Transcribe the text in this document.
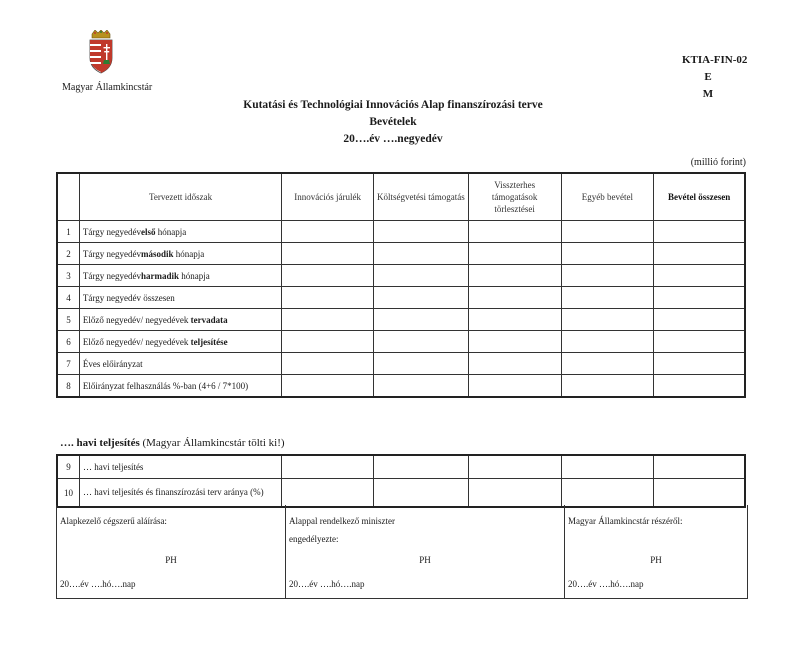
Magyar Államkincstár
KTIA-FIN-02
E
M
Kutatási és Technológiai Innovációs Alap finanszírozási terve
Bevételek
20….év ….negyedév
(millió forint)
	Tervezett időszak	Innovációs járulék	Költségvetési támogatás	Visszterhes támogatások törlesztései	Egyéb bevétel	Bevétel összesen
1	Tárgy negyedévelső hónapja					
2	Tárgy negyedévmásodik hónapja					
3	Tárgy negyedévharmadik hónapja					
4	Tárgy negyedév összesen					
5	Előző negyedév/ negyedévek tervadata					
6	Előző negyedév/ negyedévek teljesítése					
7	Éves előirányzat					
8	Előirányzat felhasználás %-ban (4+6 / 7*100)					
…. havi teljesítés (Magyar Államkincstár tölti ki!)
9	… havi teljesítés					
10	… havi teljesítés és finanszírozási terv aránya (%)					
Alapkezelő cégszerű aláírása:
PH
20….év ….hó….nap
Alappal rendelkező miniszter
engedélyezte:
PH
20….év ….hó….nap
Magyar Államkincstár részéről:
PH
20….év ….hó….nap
